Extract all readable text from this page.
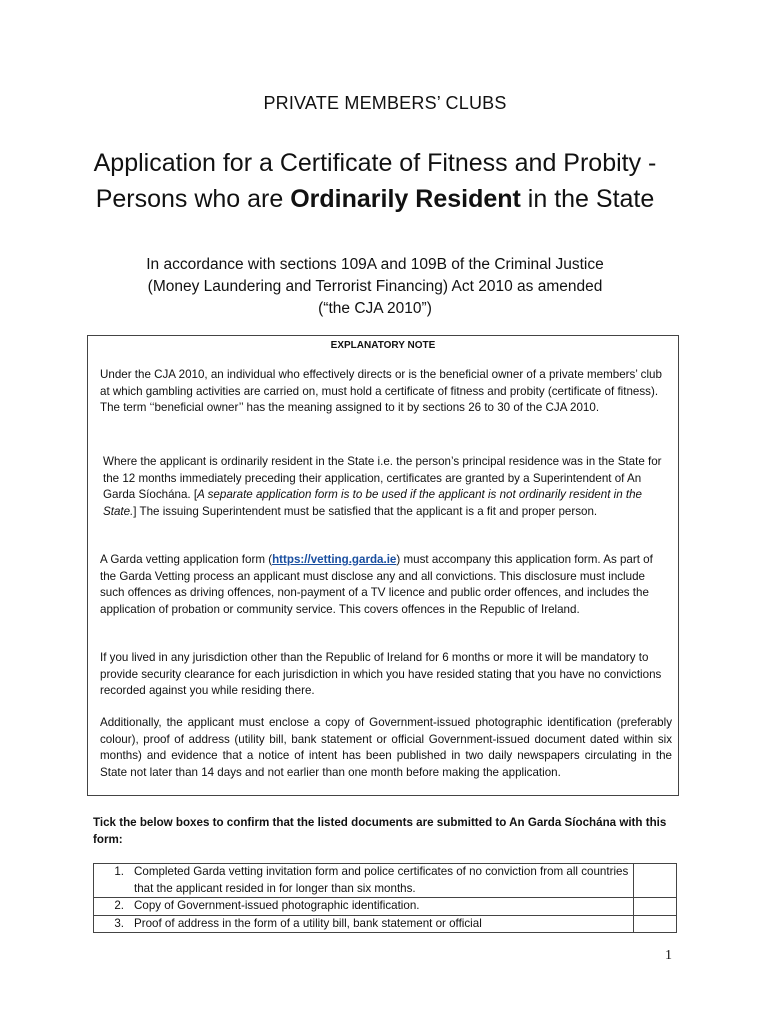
PRIVATE MEMBERS’ CLUBS
Application for a Certificate of Fitness and Probity - Persons who are Ordinarily Resident in the State
In accordance with sections 109A and 109B of the Criminal Justice
(Money Laundering and Terrorist Financing) Act 2010 as amended
(“the CJA 2010”)
EXPLANATORY NOTE

Under the CJA 2010, an individual who effectively directs or is the beneficial owner of a private members’ club at which gambling activities are carried on, must hold a certificate of fitness and probity (certificate of fitness). The term ‘‘beneficial owner’’ has the meaning assigned to it by sections 26 to 30 of the CJA 2010.

Where the applicant is ordinarily resident in the State i.e. the person’s principal residence was in the State for the 12 months immediately preceding their application, certificates are granted by a Superintendent of An Garda Síochána. [A separate application form is to be used if the applicant is not ordinarily resident in the State.] The issuing Superintendent must be satisfied that the applicant is a fit and proper person.

A Garda vetting application form (https://vetting.garda.ie) must accompany this application form. As part of the Garda Vetting process an applicant must disclose any and all convictions. This disclosure must include such offences as driving offences, non-payment of a TV licence and public order offences, and includes the application of probation or community service. This covers offences in the Republic of Ireland.

If you lived in any jurisdiction other than the Republic of Ireland for 6 months or more it will be mandatory to provide security clearance for each jurisdiction in which you have resided stating that you have no convictions recorded against you while residing there.

Additionally, the applicant must enclose a copy of Government-issued photographic identification (preferably colour), proof of address (utility bill, bank statement or official Government-issued document dated within six months) and evidence that a notice of intent has been published in two daily newspapers circulating in the State not later than 14 days and not earlier than one month before making the application.

Tick the below boxes to confirm that the listed documents are submitted to An Garda Síochána with this form:
1. Completed Garda vetting invitation form and police certificates of no conviction from all countries that the applicant resided in for longer than six months.	

2. Copy of Government-issued photographic identification.	

3. Proof of address in the form of a utility bill, bank statement or official	

1
